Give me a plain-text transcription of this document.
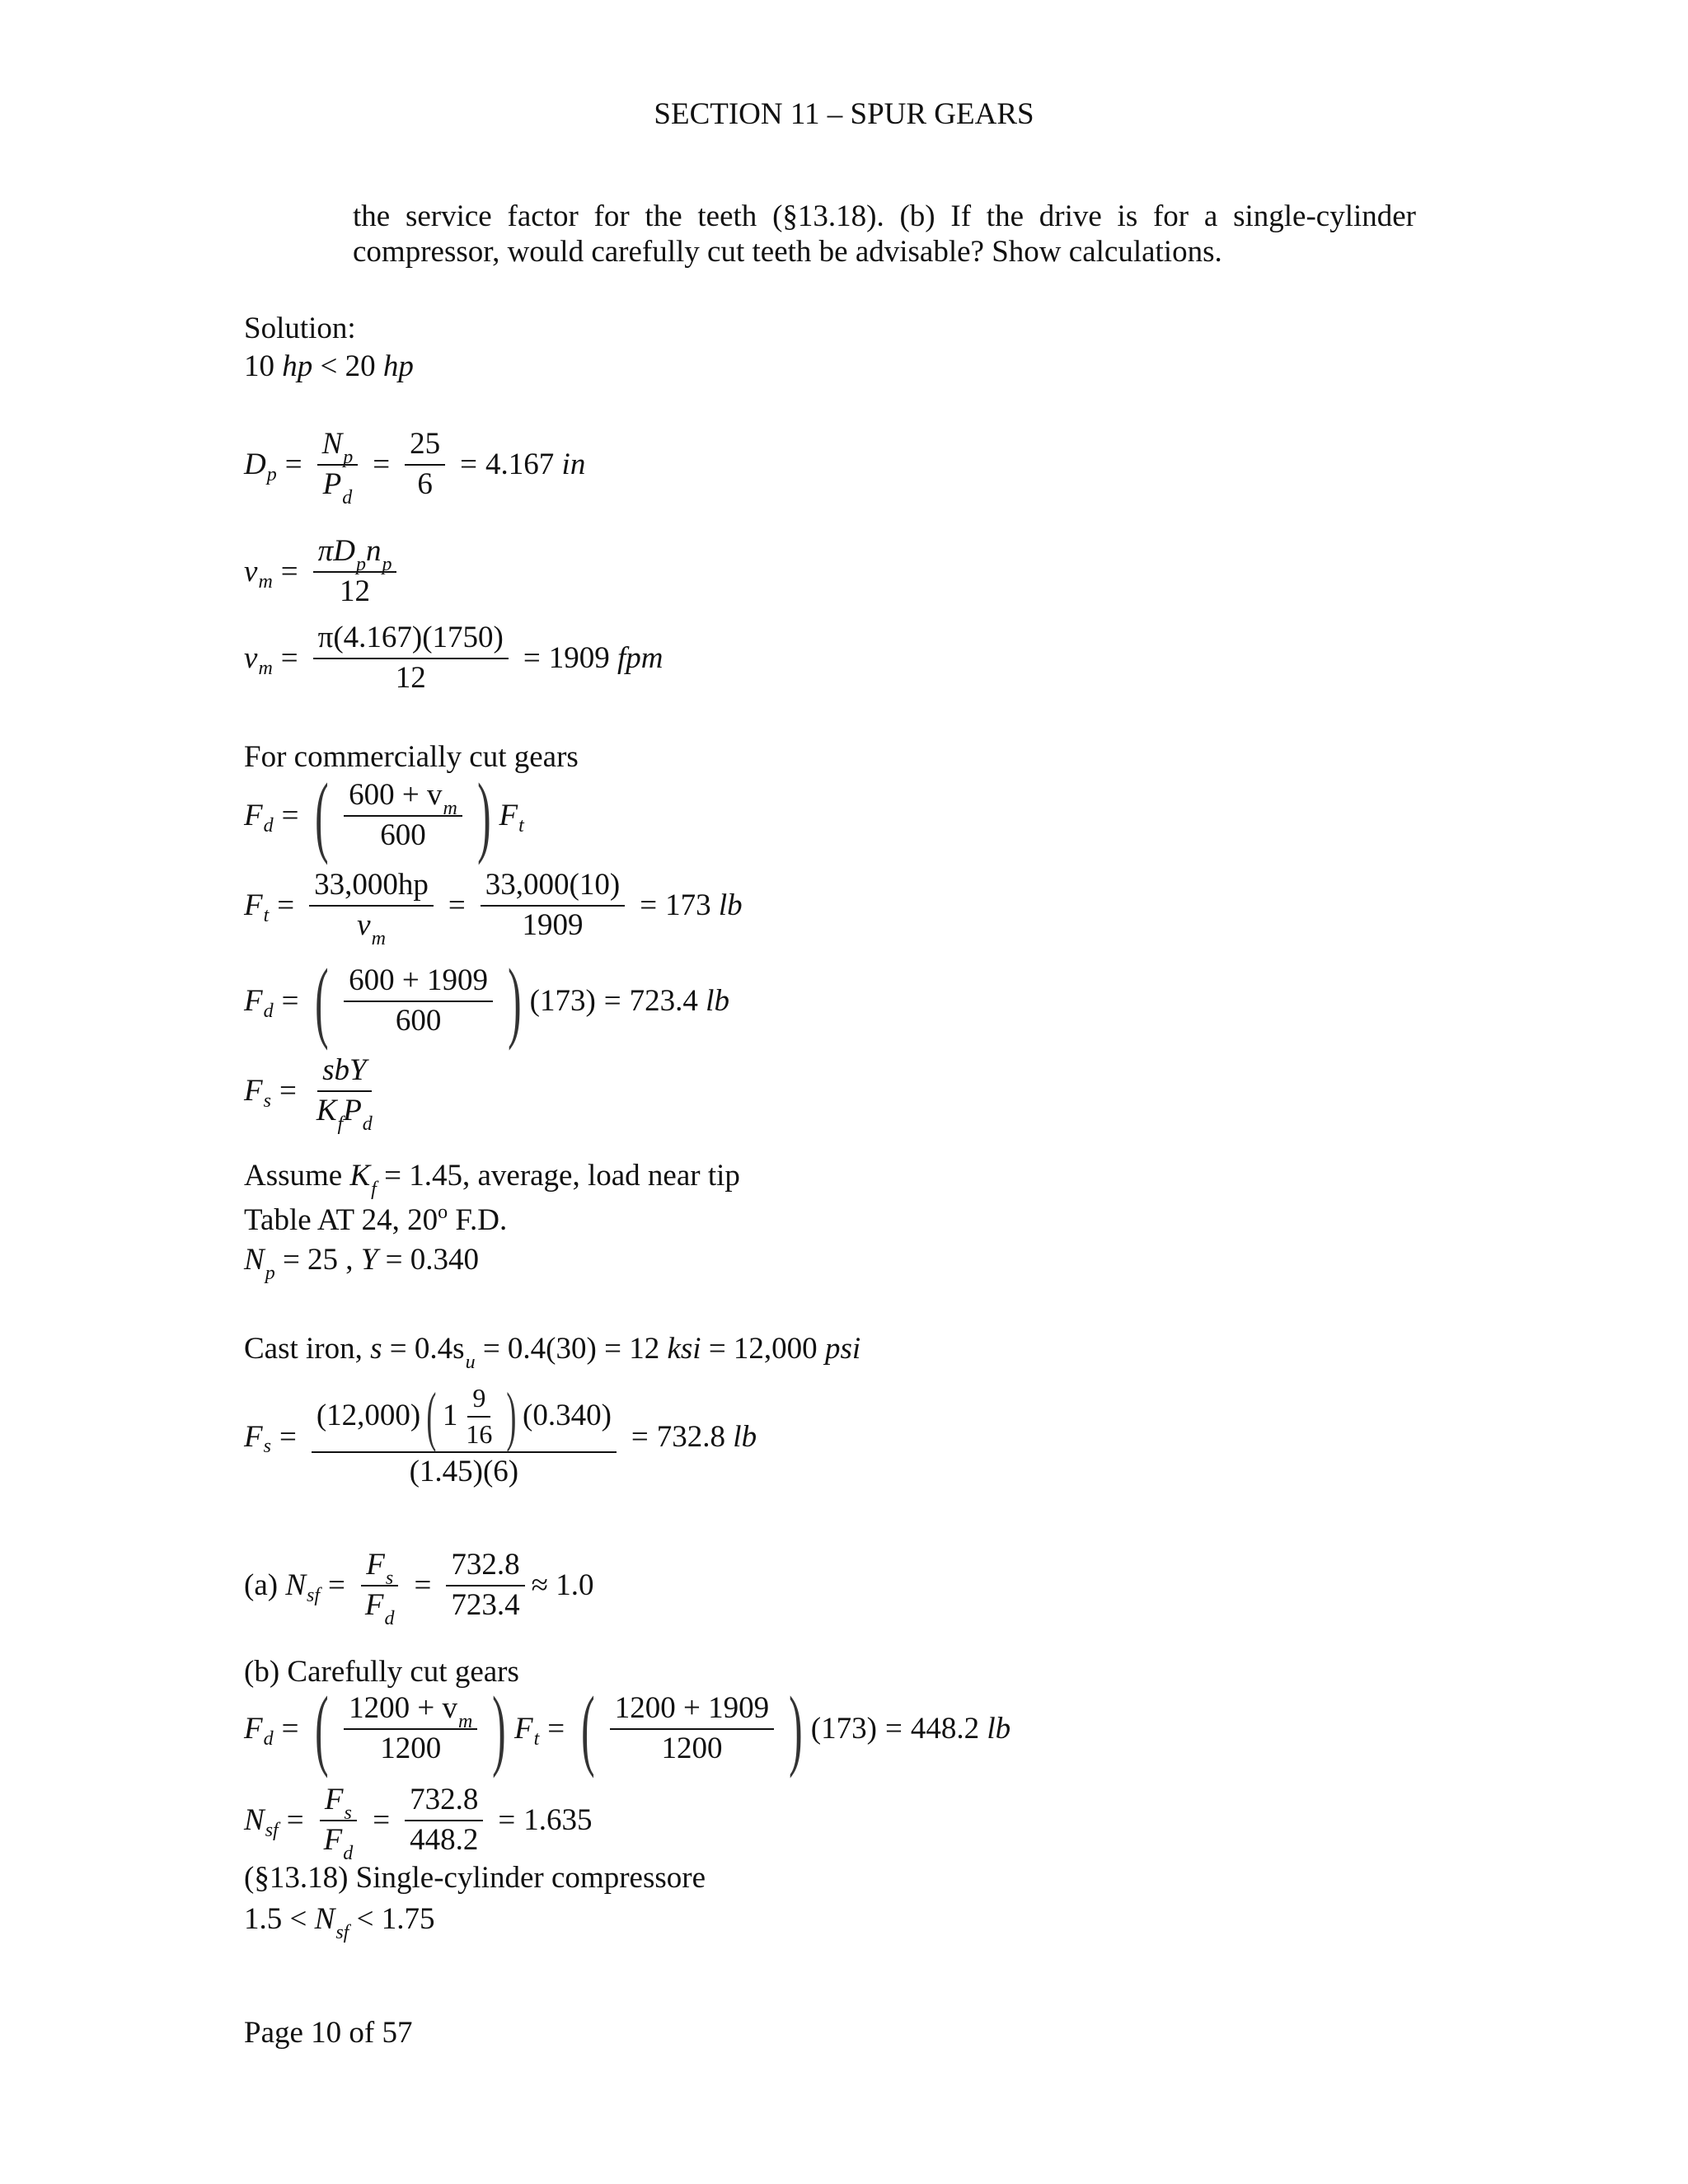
SECTION 11 – SPUR GEARS
the service factor for the teeth (§13.18). (b) If the drive is for a single-cylinder
compressor, would carefully cut teeth be advisable? Show calculations.
Solution:
10 hp < 20 hp
D $p = \frac{N_p}{P_d} = \frac{25}{6} = 4.167$
in
v $m = \frac{\pi D_pn_p}{12}$
v $m = \frac{\pi(4.167)(1750)}{12} = 1909$
fpm
For commercially cut gears
F d = ( $\frac{600 + v_m}{600}$ ) F t
F $t = \frac{33,000hp}{v_m} = \frac{33,000(10)}{1909} = 173$
lb
F d = ( $\frac{600 + 1909}{600}$ ) (173) = 723.4
lb
F $s = \frac{\text{sbY}}{K_fP_d}$
Assume $K_f = 1.45$, average, load near tip
Table AT 24, 20$^o$ F.D.
$N_p = 25$ , Y = 0.340
Cast iron, $s = 0.4s_u = 0.4(30) = 12$ ksi = 12,000 psi
F $s = \frac{(12,000) ( 1 \frac{9}{16} ) (0.340)}{(1.45)(6)} = 732.8$
lb
(a)
N sf = $\frac{F_s}{F_d} = \frac{732.8}{723.4} \approx 1.0$
(b) Carefully cut gears
F d = ( $\frac{1200 + v_m}{1200}$ ) F t = ( $\frac{1200 + 1909}{1200}$ ) (173) = 448.2
lb
N sf = $\frac{F_s}{F_d} = \frac{732.8}{448.2} = 1.635$
(§13.18) Single-cylinder compressore
$1.5 < N_{sf} < 1.75$
Page 10 of 57
